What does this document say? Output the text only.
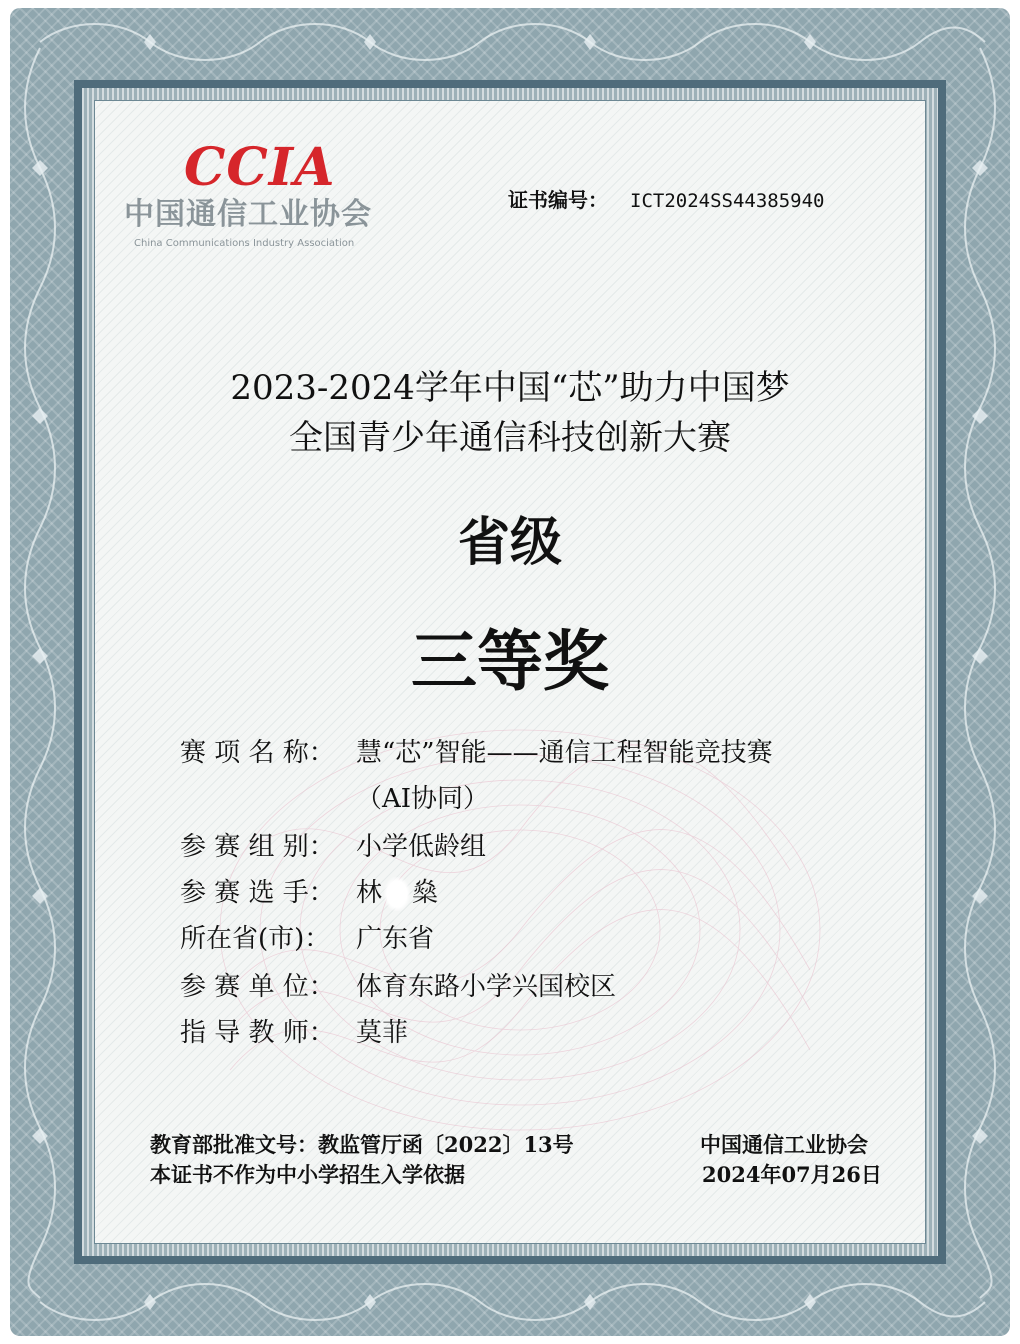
CCIA
中国通信工业协会
China Communications Industry Association
证书编号： ICT2024SS44385940
2023-2024学年中国“芯”助力中国梦
全国青少年通信科技创新大赛
省级
三等奖
赛 项 名 称： 慧“芯”智能——通信工程智能竞技赛
（AI协同）
参 赛 组 别： 小学低龄组
参 赛 选 手： 林 燊
所在省(市)： 广东省
参 赛 单 位： 体育东路小学兴国校区
指 导 教 师： 莫菲
教育部批准文号：教监管厅函〔2022〕13号
本证书不作为中小学招生入学依据
中国通信工业协会
2024年07月26日
